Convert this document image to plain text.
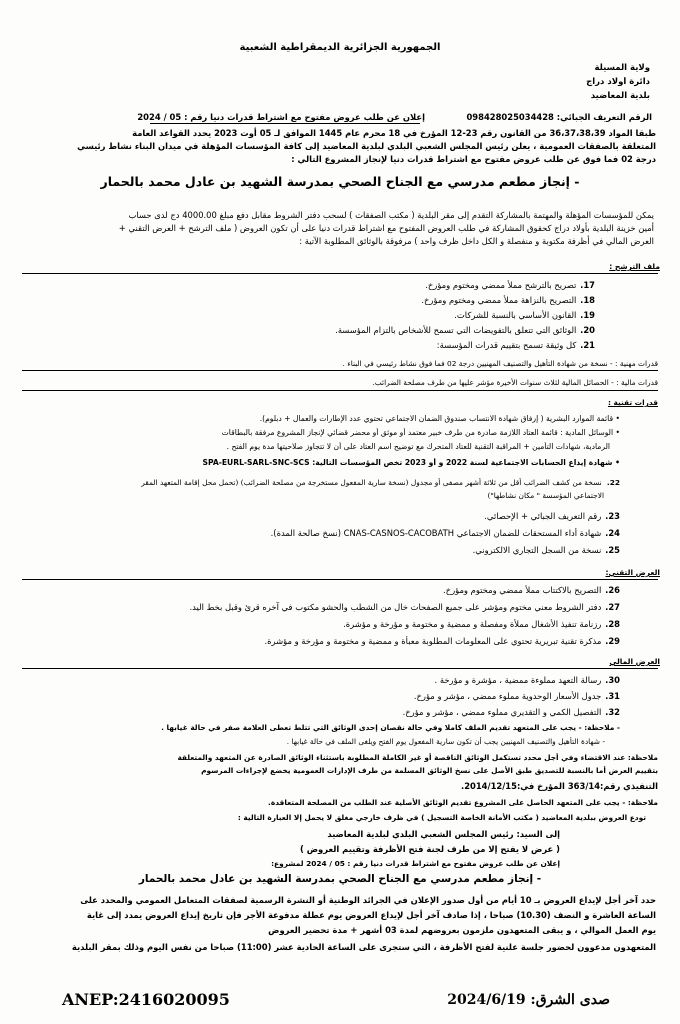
الجمهورية الجزائرية الديمقراطية الشعبية
ولاية المسيلة
دائرة أولاد دراج
بلدية المعاضيد
الرقم التعريف الجبائي: 098428025034428
إعلان عن طلب عروض مفتوح مع اشتراط قدرات دنيا رقم : 05 / 2024
طبقا المواد 36،37،38،39 من القانون رقم 23-12 المؤرخ في 18 محرم عام 1445 الموافق لـ 05 أوت 2023 يحدد القواعد العامة
المتعلقة بالصفقات العمومية ، يعلن رئيس المجلس الشعبي البلدي لبلدية المعاضيد إلى كافة المؤسسات المؤهلة في ميدان البناء نشاط رئيسي
درجة 02 فما فوق عن طلب عروض مفتوح مع اشتراط قدرات دنيا لإنجاز المشروع التالي :
- إنجاز مطعم مدرسي مع الجناح الصحي بمدرسة الشهيد بن عادل محمد بالحمار
يمكن للمؤسسات المؤهلة والمهتمة بالمشاركة التقدم إلى مقر البلدية ( مكتب الصفقات ) لسحب دفتر الشروط مقابل دفع مبلغ 4000.00 دج لدى حساب
أمين خزينة البلدية بأولاد دراج كحقوق المشاركة في طلب العروض المفتوح مع اشتراط قدرات دنيا على أن تكون العروض ( ملف الترشح + العرض التقني +
العرض المالي في أظرفة مكتوبة و منفصلة و الكل داخل ظرف واحد ) مرفوقة بالوثائق المطلوبة الآتية :
ملف الترشح :
17. تصريح بالترشح مملأ ممضي ومختوم ومؤرخ.
18. التصريح بالنزاهة مملأ ممضي ومختوم ومؤرخ.
19. القانون الأساسي بالنسبة للشركات.
20. الوثائق التي تتعلق بالتفويضات التي تسمح للأشخاص بالتزام المؤسسة.
21. كل وثيقة تسمح بتقييم قدرات المؤسسة:
قدرات مهنية : - نسخة من شهادة التأهيل والتصنيف المهنيين درجة 02 فما فوق نشاط رئيسي في البناء .
قدرات مالية : - الحصائل المالية لثلاث سنوات الأخيرة مؤشر عليها من طرف مصلحة الضرائب.
قدرات تقنية :
• قائمة الموارد البشرية ( إرفاق شهادة الانتساب صندوق الضمان الاجتماعي تحتوي عدد الإطارات والعمال + دبلوم).
• الوسائل المادية : قائمة العتاد اللازمة صادرة من طرف خبير معتمد أو موثق أو محضر قضائي لإنجاز المشروع مرفقة بالبطاقات
الرمادية، شهادات التأمين + المراقبة التقنية للعتاد المتحرك مع توضيح اسم العتاد على أن لا تتجاوز صلاحيتها مدة يوم الفتح .
• شهادة إيداع الحسابات الاجتماعية لسنة 2022 و أو 2023 تخص المؤسسات التالية: SPA-EURL-SARL-SNC-SCS
22. نسخة من كشف الضرائب أقل من ثلاثة أشهر مصفى أو مجدول (نسخة سارية المفعول مستخرجة من مصلحة الضرائب) (تحمل محل إقامة المتعهد المقر
الاجتماعي المؤسسة " مكان نشاطها")
23. رقم التعريف الجبائي + الإحصائي.
24. شهادة أداء المستحقات للضمان الاجتماعي CNAS-CASNOS-CACOBATH (نسخ صالحة المدة).
25. نسخة من السجل التجاري الالكتروني.
العرض التقني:
26. التصريح بالاكتتاب مملأ ممضي ومختوم ومؤرخ.
27. دفتر الشروط معني مختوم ومؤشر على جميع الصفحات خال من الشطب والحشو مكتوب في آخره قرئ وقبل بخط اليد.
28. رزنامة تنفيذ الأشغال مملأة ومفصلة و ممضية و مختومة و مؤرخة و مؤشرة.
29. مذكرة تقنية تبريرية تحتوي على المعلومات المطلوبة معبأة و ممضية و مختومة و مؤرخة و مؤشرة.
العرض المالي
30. رسالة التعهد مملوءة ممضية ، مؤشرة و مؤرخة .
31. جدول الأسعار الوحدوية مملوء ممضي ، مؤشر و مؤرخ.
32. التفصيل الكمي و التقديري مملوء ممضي ، مؤشر و مؤرخ.
- ملاحظة: - يجب على المتعهد تقديم الملف كاملا وفي حالة نقصان إحدى الوثائق التي تتلط تعطى العلامة صفر في حالة غيابها .
- شهادة التأهيل والتصنيف المهنيين يجب أن تكون سارية المفعول يوم الفتح ويلغى الملف في حالة غيابها .
ملاحظة: عند الاقتضاء وفي أجل محدد تستكمل الوثائق الناقصة أو غير الكاملة المطلوبة باستثناء الوثائق الصادرة عن المتعهد والمتعلقة
بتقييم العرض أما بالنسبة للتصديق طبق الأصل على نسخ الوثائق المسلمة من طرف الإدارات العمومية يخضع لإجراءات المرسوم
التنفيذي رقم:363/14 المؤرخ في:2014/12/15.
ملاحظة: - يجب على المتعهد الحاصل على المشروع تقديم الوثائق الأصلية عند الطلب من المصلحة المتعاقدة.
تودع العروض ببلدية المعاضيد ( مكتب الأمانة الخاصة التسجيل ) في ظرف خارجي مغلق لا يحمل إلا العبارة التالية :
إلى السيد: رئيس المجلس الشعبي البلدي لبلدية المعاضيد
( عرض لا يفتح إلا من طرف لجنة فتح الأظرفة وتقييم العروض )
إعلان عن طلب عروض مفتوح مع اشتراط قدرات دنيا رقم : 05 / 2024 لمشروع:
- إنجاز مطعم مدرسي مع الجناح الصحي بمدرسة الشهيد بن عادل محمد بالحمار
حدد آخر أجل لإيداع العروض بـ 10 أيام من أول صدور الإعلان في الجرائد الوطنية أو النشرة الرسمية لصفقات المتعامل العمومي والمحدد على
الساعة العاشرة و النصف (10.30) صباحا ، إذا صادف آخر أجل لإيداع العروض يوم عطلة مدفوعة الأجر فإن تاريخ إيداع العروض يمدد إلى غاية
يوم العمل الموالي ، و يبقى المتعهدون ملزمون بعروضهم لمدة 03 أشهر + مدة تحضير العروض
المتعهدون مدعوون لحضور جلسة علنية لفتح الأظرفة ، التي ستجرى على الساعة الحادية عشر (11:00) صباحا من نفس اليوم وذلك بمقر البلدية
ANEP:2416020095	صدى الشرق: 2024/6/19
